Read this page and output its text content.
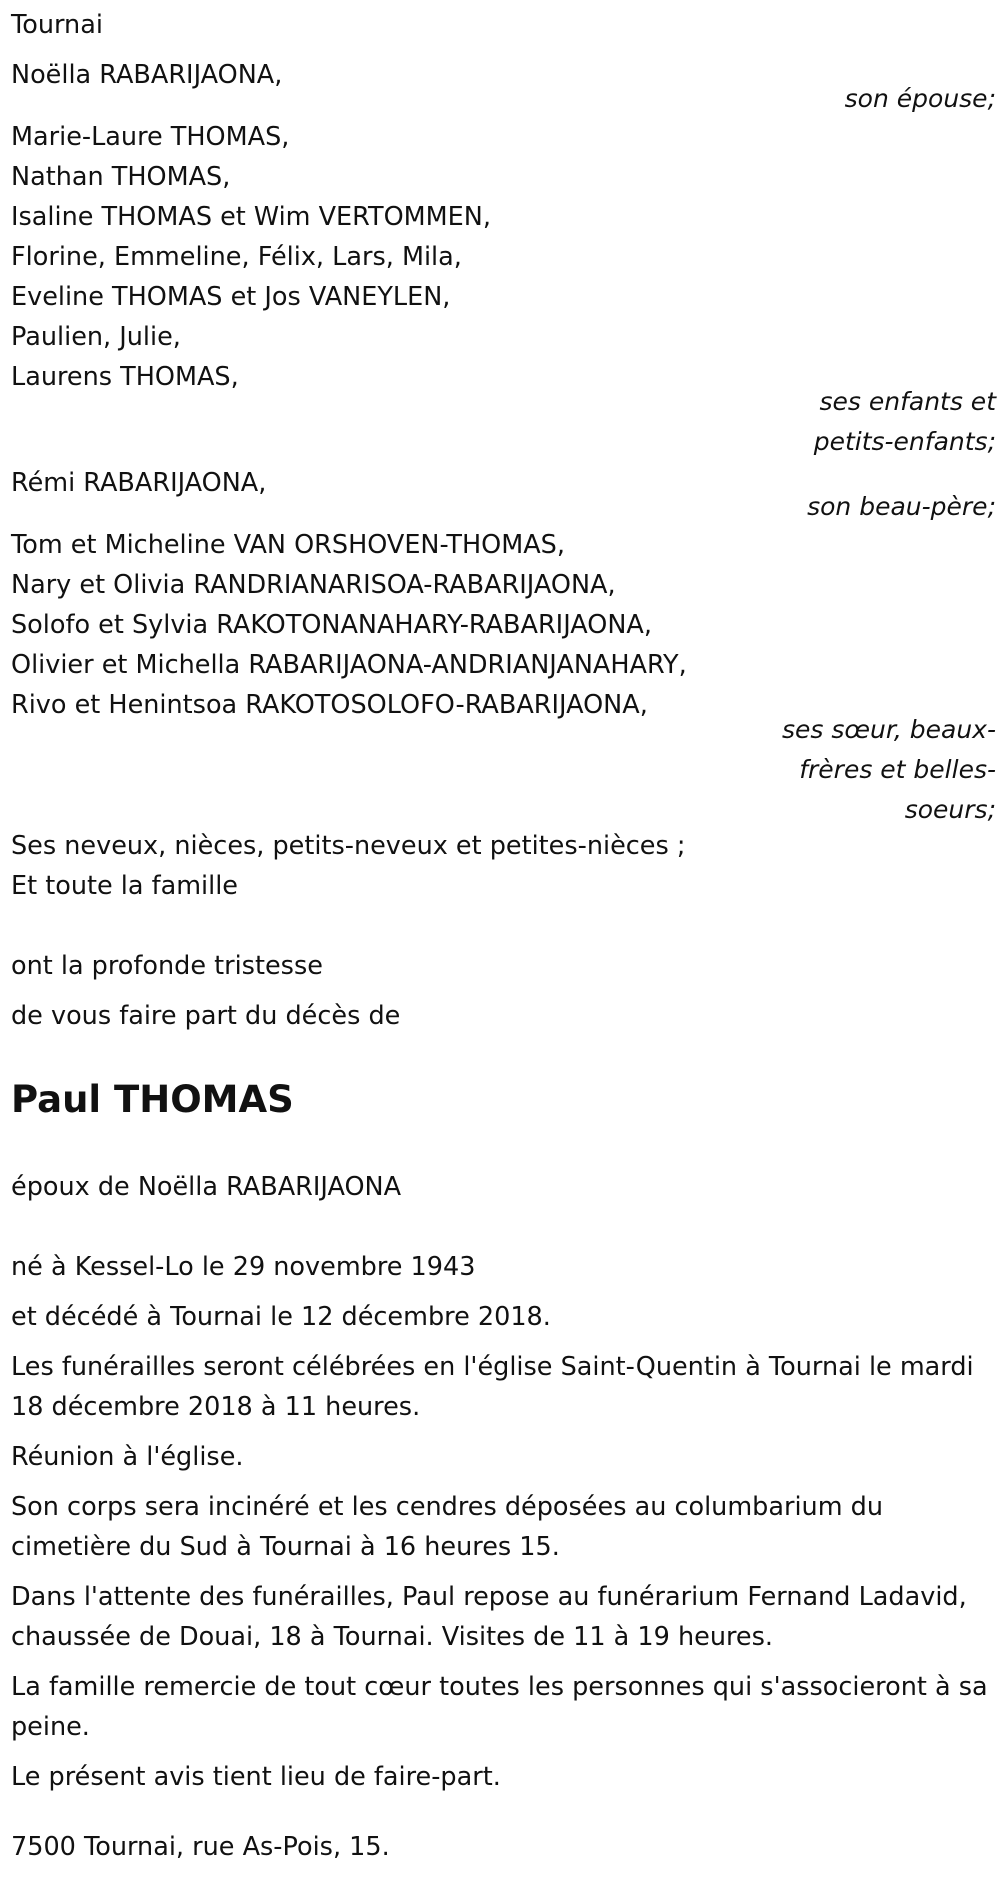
Tournai

Noëlla RABARIJAONA,

son épouse;

Marie-Laure THOMAS,

Nathan THOMAS,

Isaline THOMAS et Wim VERTOMMEN,

Florine, Emmeline, Félix, Lars, Mila,

Eveline THOMAS et Jos VANEYLEN,

Paulien, Julie,

Laurens THOMAS,

ses enfants et

petits-enfants;

Rémi RABARIJAONA,

son beau-père;

Tom et Micheline VAN ORSHOVEN-THOMAS,

Nary et Olivia RANDRIANARISOA-RABARIJAONA,

Solofo et Sylvia RAKOTONANAHARY-RABARIJAONA,

Olivier et Michella RABARIJAONA-ANDRIANJANAHARY,

Rivo et Henintsoa RAKOTOSOLOFO-RABARIJAONA,

ses sœur, beaux-

frères et belles-

soeurs;

Ses neveux, nièces, petits-neveux et petites-nièces ;

Et toute la famille

ont la profonde tristesse

de vous faire part du décès de

Paul THOMAS

époux de Noëlla RABARIJAONA

né à Kessel-Lo le 29 novembre 1943

et décédé à Tournai le 12 décembre 2018.

Les funérailles seront célébrées en l'église Saint-Quentin à Tournai le mardi 18 décembre 2018 à 11 heures.

Réunion à l'église.

Son corps sera incinéré et les cendres déposées au columbarium du cimetière du Sud à Tournai à 16 heures 15.

Dans l'attente des funérailles, Paul repose au funérarium Fernand Ladavid, chaussée de Douai, 18 à Tournai. Visites de 11 à 19 heures.

La famille remercie de tout cœur toutes les personnes qui s'associeront à sa peine.

Le présent avis tient lieu de faire-part.

7500 Tournai, rue As-Pois, 15.
